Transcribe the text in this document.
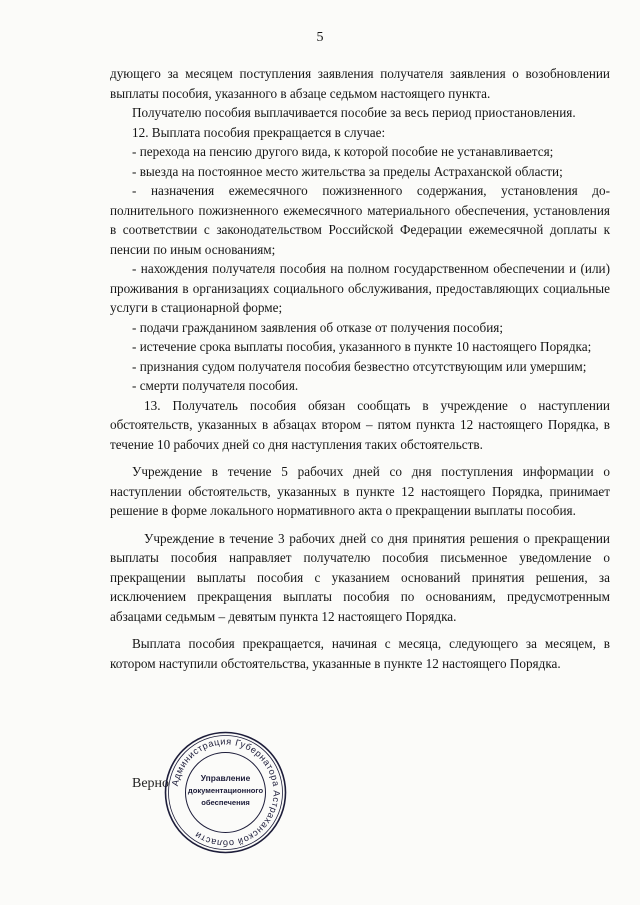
5

дующего за месяцем поступления заявления получателя заявления о возобновлении выплаты пособия, указанного в абзаце седьмом настоящего пункта.

Получателю пособия выплачивается пособие за весь период приостановления.

12. Выплата пособия прекращается в случае:

- перехода на пенсию другого вида, к которой пособие не устанавливается;

- выезда на постоянное место жительства за пределы Астраханской области;

- назначения ежемесячного пожизненного содержания, установления дополнительного пожизненного ежемесячного материального обеспечения, установления в соответствии с законодательством Российской Федерации ежемесячной доплаты к пенсии по иным основаниям;

- нахождения получателя пособия на полном государственном обеспечении и (или) проживания в организациях социального обслуживания, предоставляющих социальные услуги в стационарной форме;

- подачи гражданином заявления об отказе от получения пособия;

- истечение срока выплаты пособия, указанного в пункте 10 настоящего Порядка;

- признания судом получателя пособия безвестно отсутствующим или умершим;

- смерти получателя пособия.

13. Получатель пособия обязан сообщать в учреждение о наступлении обстоятельств, указанных в абзацах втором – пятом пункта 12 настоящего Порядка, в течение 10 рабочих дней со дня наступления таких обстоятельств.

Учреждение в течение 5 рабочих дней со дня поступления информации о наступлении обстоятельств, указанных в пункте 12 настоящего Порядка, принимает решение в форме локального нормативного акта о прекращении выплаты пособия.

Учреждение в течение 3 рабочих дней со дня принятия решения о прекращении выплаты пособия направляет получателю пособия письменное уведомление о прекращении выплаты пособия с указанием оснований принятия решения, за исключением прекращения выплаты пособия по основаниям, предусмотренным абзацами седьмым – девятым пункта 12 настоящего Порядка.

Выплата пособия прекращается, начиная с месяца, следующего за месяцем, в котором наступили обстоятельства, указанные в пункте 12 настоящего Порядка.

Верно Администрация Губернатора Астраханской области
Управление
документационного
обеспечения
